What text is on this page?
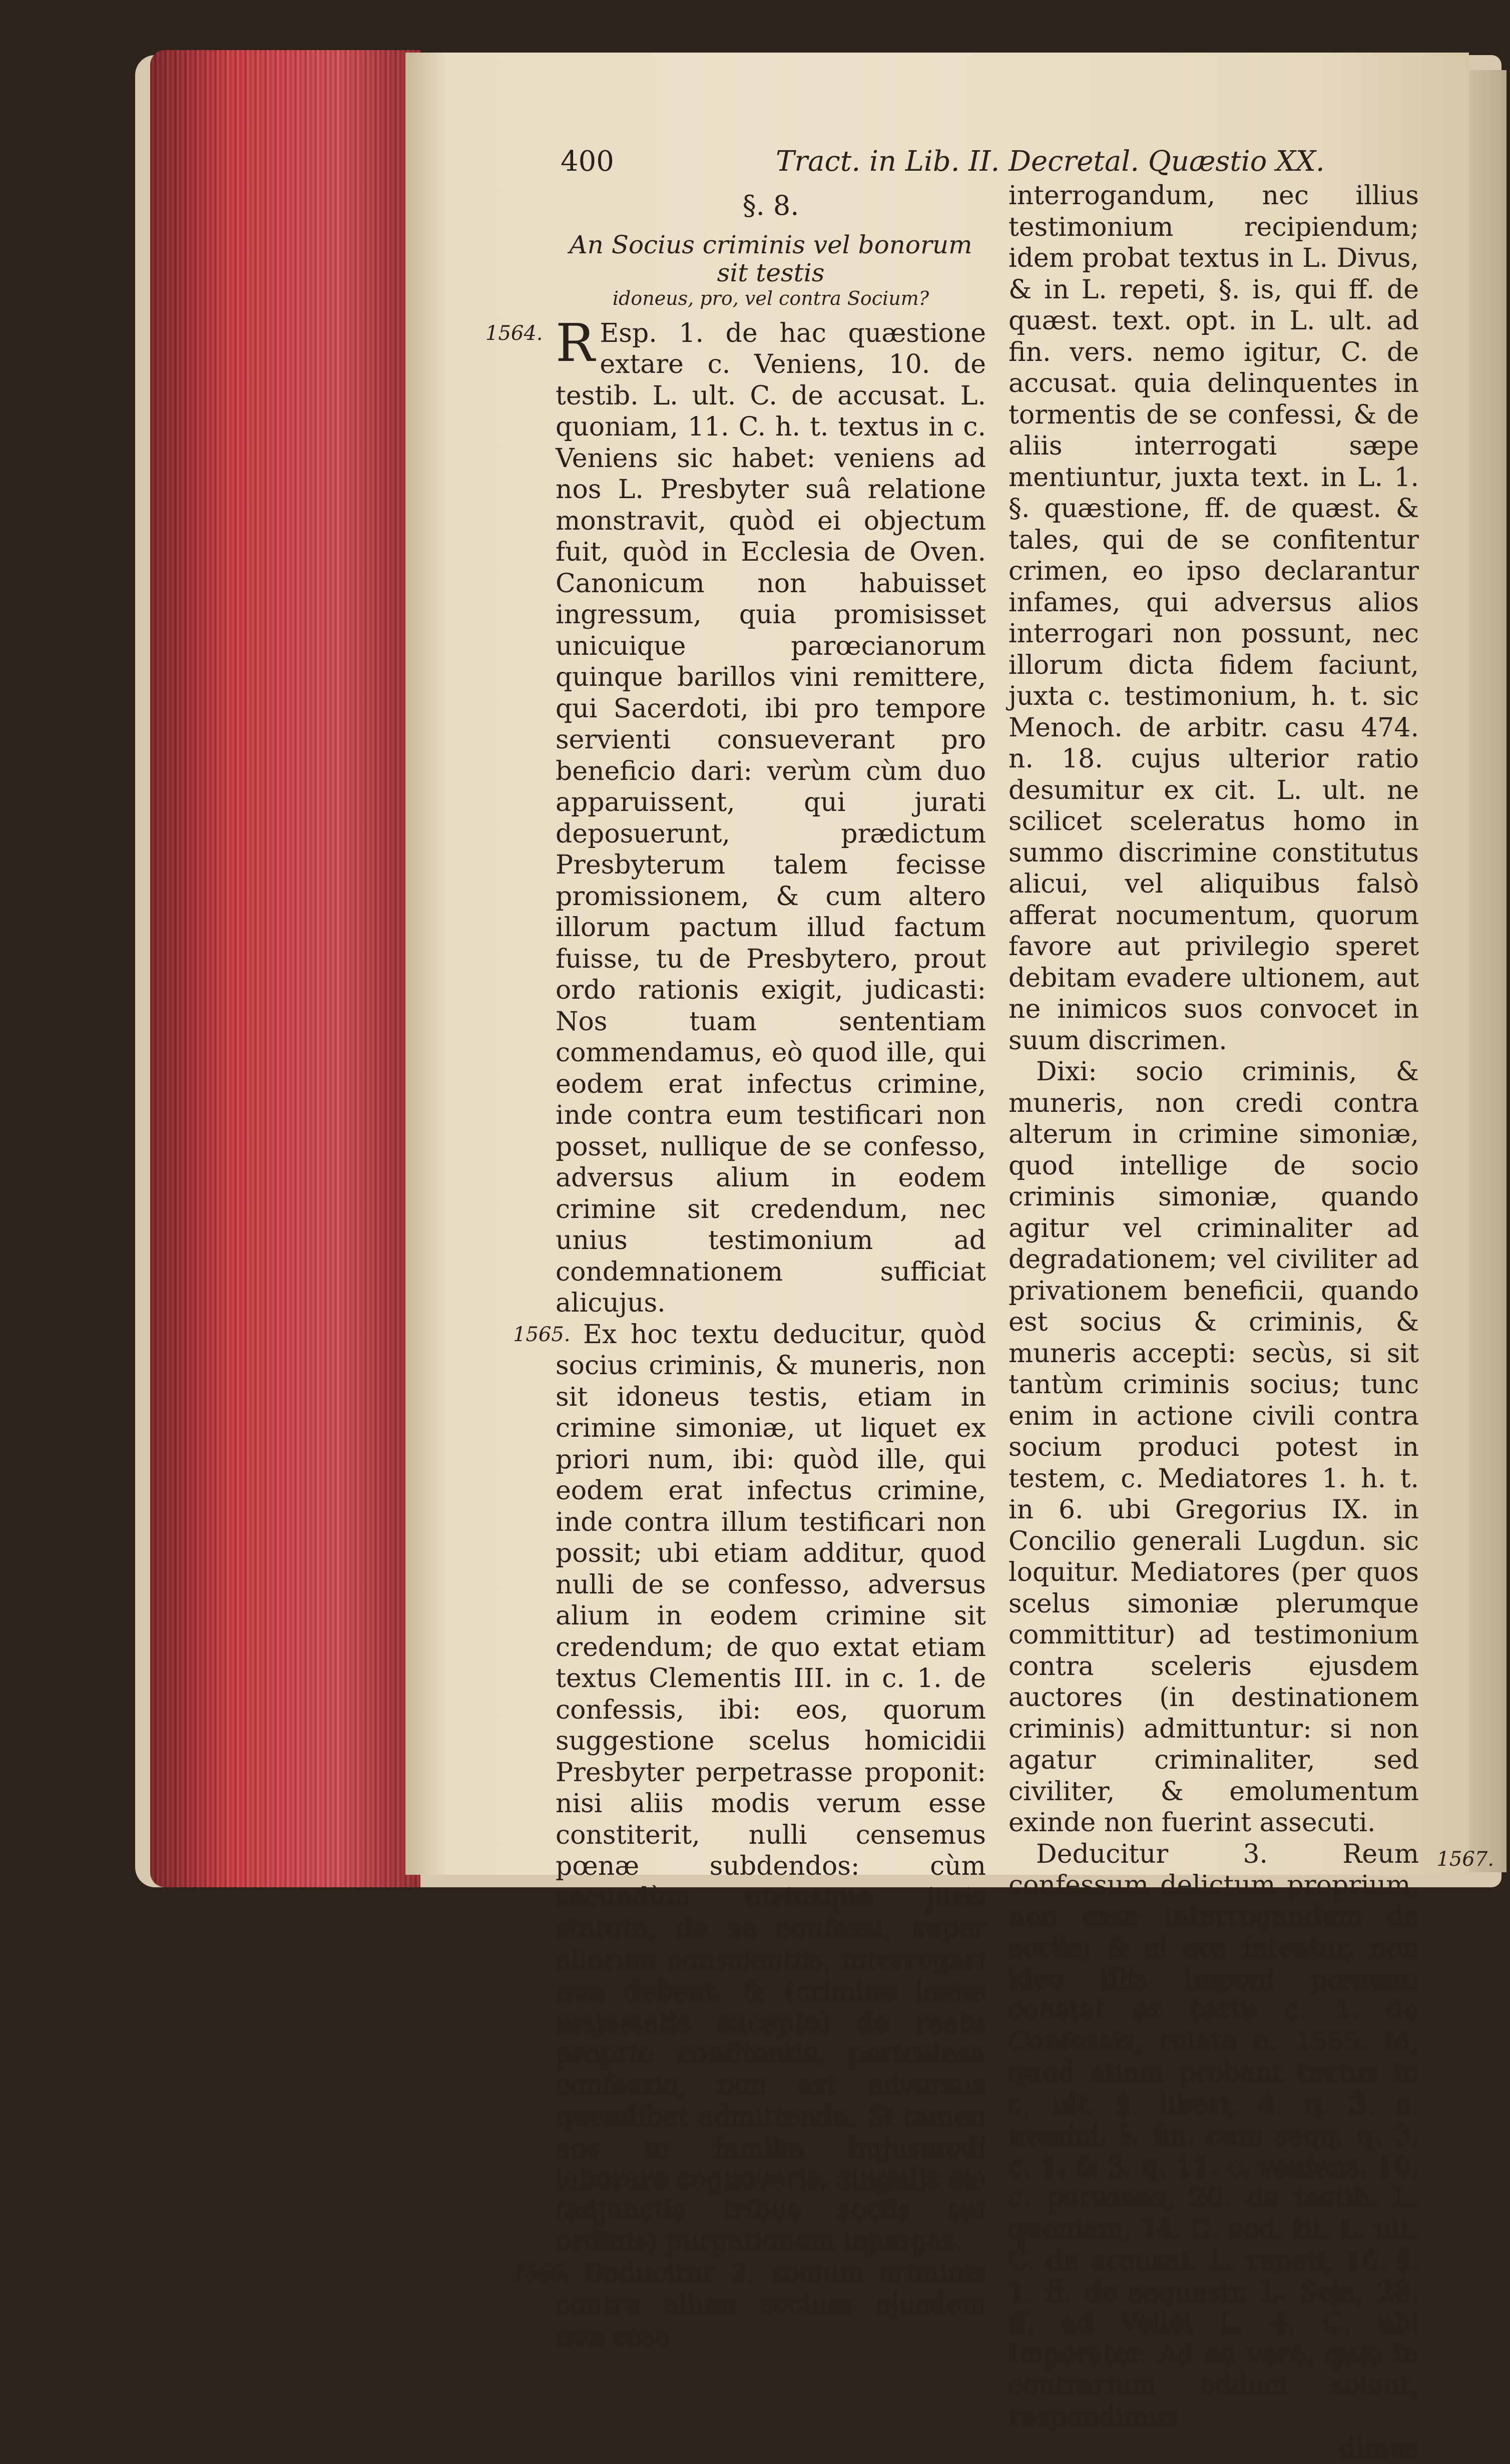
400	Tract. in Lib. II. Decretal. Quæstio XX.
§. 8.

An Socius criminis vel bonorum sit testis

idoneus, pro, vel contra Socium?

1564. R Esp. 1. de hac quæstione extare c. Veniens, 10. de testib. L. ult. C. de accusat. L. quoniam, 11. C. h. t. textus in c. Veniens sic habet: veniens ad nos L. Presbyter suâ relatione monstravit, quòd ei objectum fuit, quòd in Ecclesia de Oven. Canonicum non habuisset ingressum, quia promisisset unicuique parœcianorum quinque barillos vini remittere, qui Sacerdoti, ibi pro tempore servienti consueverant pro beneficio dari: verùm cùm duo apparuissent, qui jurati deposuerunt, prædictum Presbyterum talem fecisse promissionem, & cum altero illorum pactum illud factum fuisse, tu de Presbytero, prout ordo rationis exigit, judicasti: Nos tuam sententiam commendamus, eò quod ille, qui eodem erat infectus crimine, inde contra eum testificari non posset, nullique de se confesso, adversus alium in eodem crimine sit credendum, nec unius testimonium ad condemnationem sufficiat alicujus.

1565. Ex hoc textu deducitur, quòd socius criminis, & muneris, non sit idoneus testis, etiam in crimine simoniæ, ut liquet ex priori num, ibi: quòd ille, qui eodem erat infectus crimine, inde contra illum testificari non possit; ubi etiam additur, quod nulli de se confesso, adversus alium in eodem crimine sit credendum; de quo extat etiam textus Clementis III. in c. 1. de confessis, ibi: eos, quorum suggestione scelus homicidii Presbyter perpetrasse proponit: nisi aliis modis verum esse constiterit, nulli censemus pœnæ subdendos: cùm secundùm utriusque juris statuta, de se confessi, super aliorum conscientiis, interrogari non debent, & (crimine læsæ majestatis excepto) de reatu proprio confitentis, periculosa confessio, non est adversus quemlibet admittenda. Si tamen eos in familia hujusmodi laborare cognoveris, singulis eis (adjunctis tribus sociis sui ordinis) purgationem injungas.

1566. Deducitur 2. socium criminis contra alium socium ejusdem non esse

interrogandum, nec illius testimonium recipiendum; idem probat textus in L. Divus, & in L. repeti, §. is, qui ff. de quæst. text. opt. in L. ult. ad fin. vers. nemo igitur, C. de accusat. quia delinquentes in tormentis de se confessi, & de aliis interrogati sæpe mentiuntur, juxta text. in L. 1. §. quæstione, ff. de quæst. & tales, qui de se confitentur crimen, eo ipso declarantur infames, qui adversus alios interrogari non possunt, nec illorum dicta fidem faciunt, juxta c. testimonium, h. t. sic Menoch. de arbitr. casu 474. n. 18. cujus ulterior ratio desumitur ex cit. L. ult. ne scilicet sceleratus homo in summo discrimine constitutus alicui, vel aliquibus falsò afferat nocumentum, quorum favore aut privilegio speret debitam evadere ultionem, aut ne inimicos suos convocet in suum discrimen.

Dixi: socio criminis, & muneris, non credi contra alterum in crimine simoniæ, quod intellige de socio criminis simoniæ, quando agitur vel criminaliter ad degradationem; vel civiliter ad privationem beneficii, quando est socius & criminis, & muneris accepti: secùs, si sit tantùm criminis socius; tunc enim in actione civili contra socium produci potest in testem, c. Mediatores 1. h. t. in 6. ubi Gregorius IX. in Concilio generali Lugdun. sic loquitur. Mediatores (per quos scelus simoniæ plerumque committitur) ad testimonium contra sceleris ejusdem auctores (in destinationem criminis) admittuntur: si non agatur criminaliter, sed civiliter, & emolumentum exinde non fuerint assecuti.

1567.
Deducitur 3. Reum confessum delictum proprium, non esse interrogandum de sociis; & si eos fateatur, non ideo illis imponi pœnam; constat ex textu c. 1. de Confessis, relato n. 1565. id, quod etiam probant textus in c, ult. §. liberi, 4. q. 3. c. nemini, §. fin. cum seqq. q. 3. c. 1. & 3. q. 11. c. veniens, 10. c. personas, 20. de testib. L. quoniam, 14. C. eod. tit. L. ult. C. de accusat. L. repeti, 16. §. 1. ff. de sequestr. L. Seja, 28. ff. ad Vellei L. 4. C. ubi Imperator. Ad ea verò, quæ in contrarium adduci solent, respondimus

dimus
